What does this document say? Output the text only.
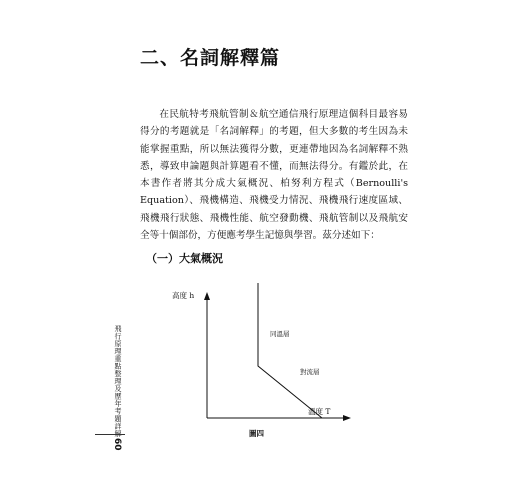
二、名詞解釋篇

在民航特考飛航管制＆航空通信飛行原理這個科目最容易得分的考題就是「名詞解釋」的考題，但大多數的考生因為未能掌握重點，所以無法獲得分數，更連帶地因為名詞解釋不熟悉，導致申論題與計算題看不懂，而無法得分。有鑑於此，在本書作者將其分成大氣概況、柏努利方程式（Bernoulli's Equation）、飛機構造、飛機受力情況、飛機飛行速度區域、飛機飛行狀態、飛機性能、航空發動機、飛航管制以及飛航安全等十個部份，方便應考學生記憶與學習。茲分述如下：

（一）大氣概況
高度 h
同溫層
對流層
溫度 T
圖四
飛行原理重點整理及歷年考題詳解
60
